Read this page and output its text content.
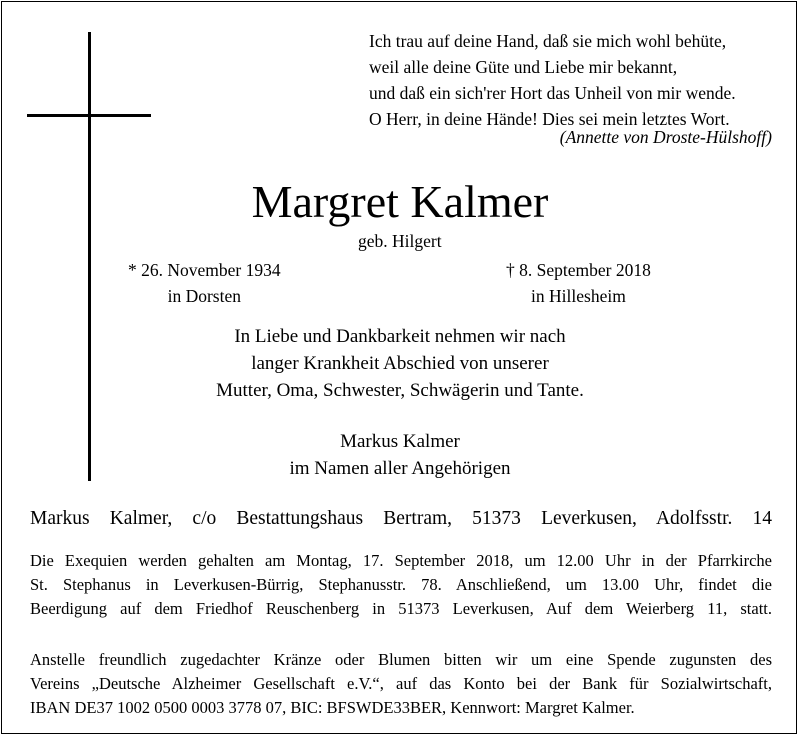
Ich trau auf deine Hand, daß sie mich wohl behüte,
weil alle deine Güte und Liebe mir bekannt,
und daß ein sich'rer Hort das Unheil von mir wende.
O Herr, in deine Hände! Dies sei mein letztes Wort.
(Annette von Droste-Hülshoff)
Margret Kalmer
geb. Hilgert
* 26. November 1934
in Dorsten
† 8. September 2018
in Hillesheim
In Liebe und Dankbarkeit nehmen wir nach
langer Krankheit Abschied von unserer
Mutter, Oma, Schwester, Schwägerin und Tante.
Markus Kalmer
im Namen aller Angehörigen
Markus Kalmer, c/o Bestattungshaus Bertram, 51373 Leverkusen, Adolfsstr. 14
Die Exequien werden gehalten am Montag, 17. September 2018, um 12.00 Uhr in der Pfarrkirche
St. Stephanus in Leverkusen-Bürrig, Stephanusstr. 78. Anschließend, um 13.00 Uhr, findet die
Beerdigung auf dem Friedhof Reuschenberg in 51373 Leverkusen, Auf dem Weierberg 11, statt.
Anstelle freundlich zugedachter Kränze oder Blumen bitten wir um eine Spende zugunsten des
Vereins „Deutsche Alzheimer Gesellschaft e.V.“, auf das Konto bei der Bank für Sozialwirtschaft,
IBAN DE37 1002 0500 0003 3778 07, BIC: BFSWDE33BER, Kennwort: Margret Kalmer.
